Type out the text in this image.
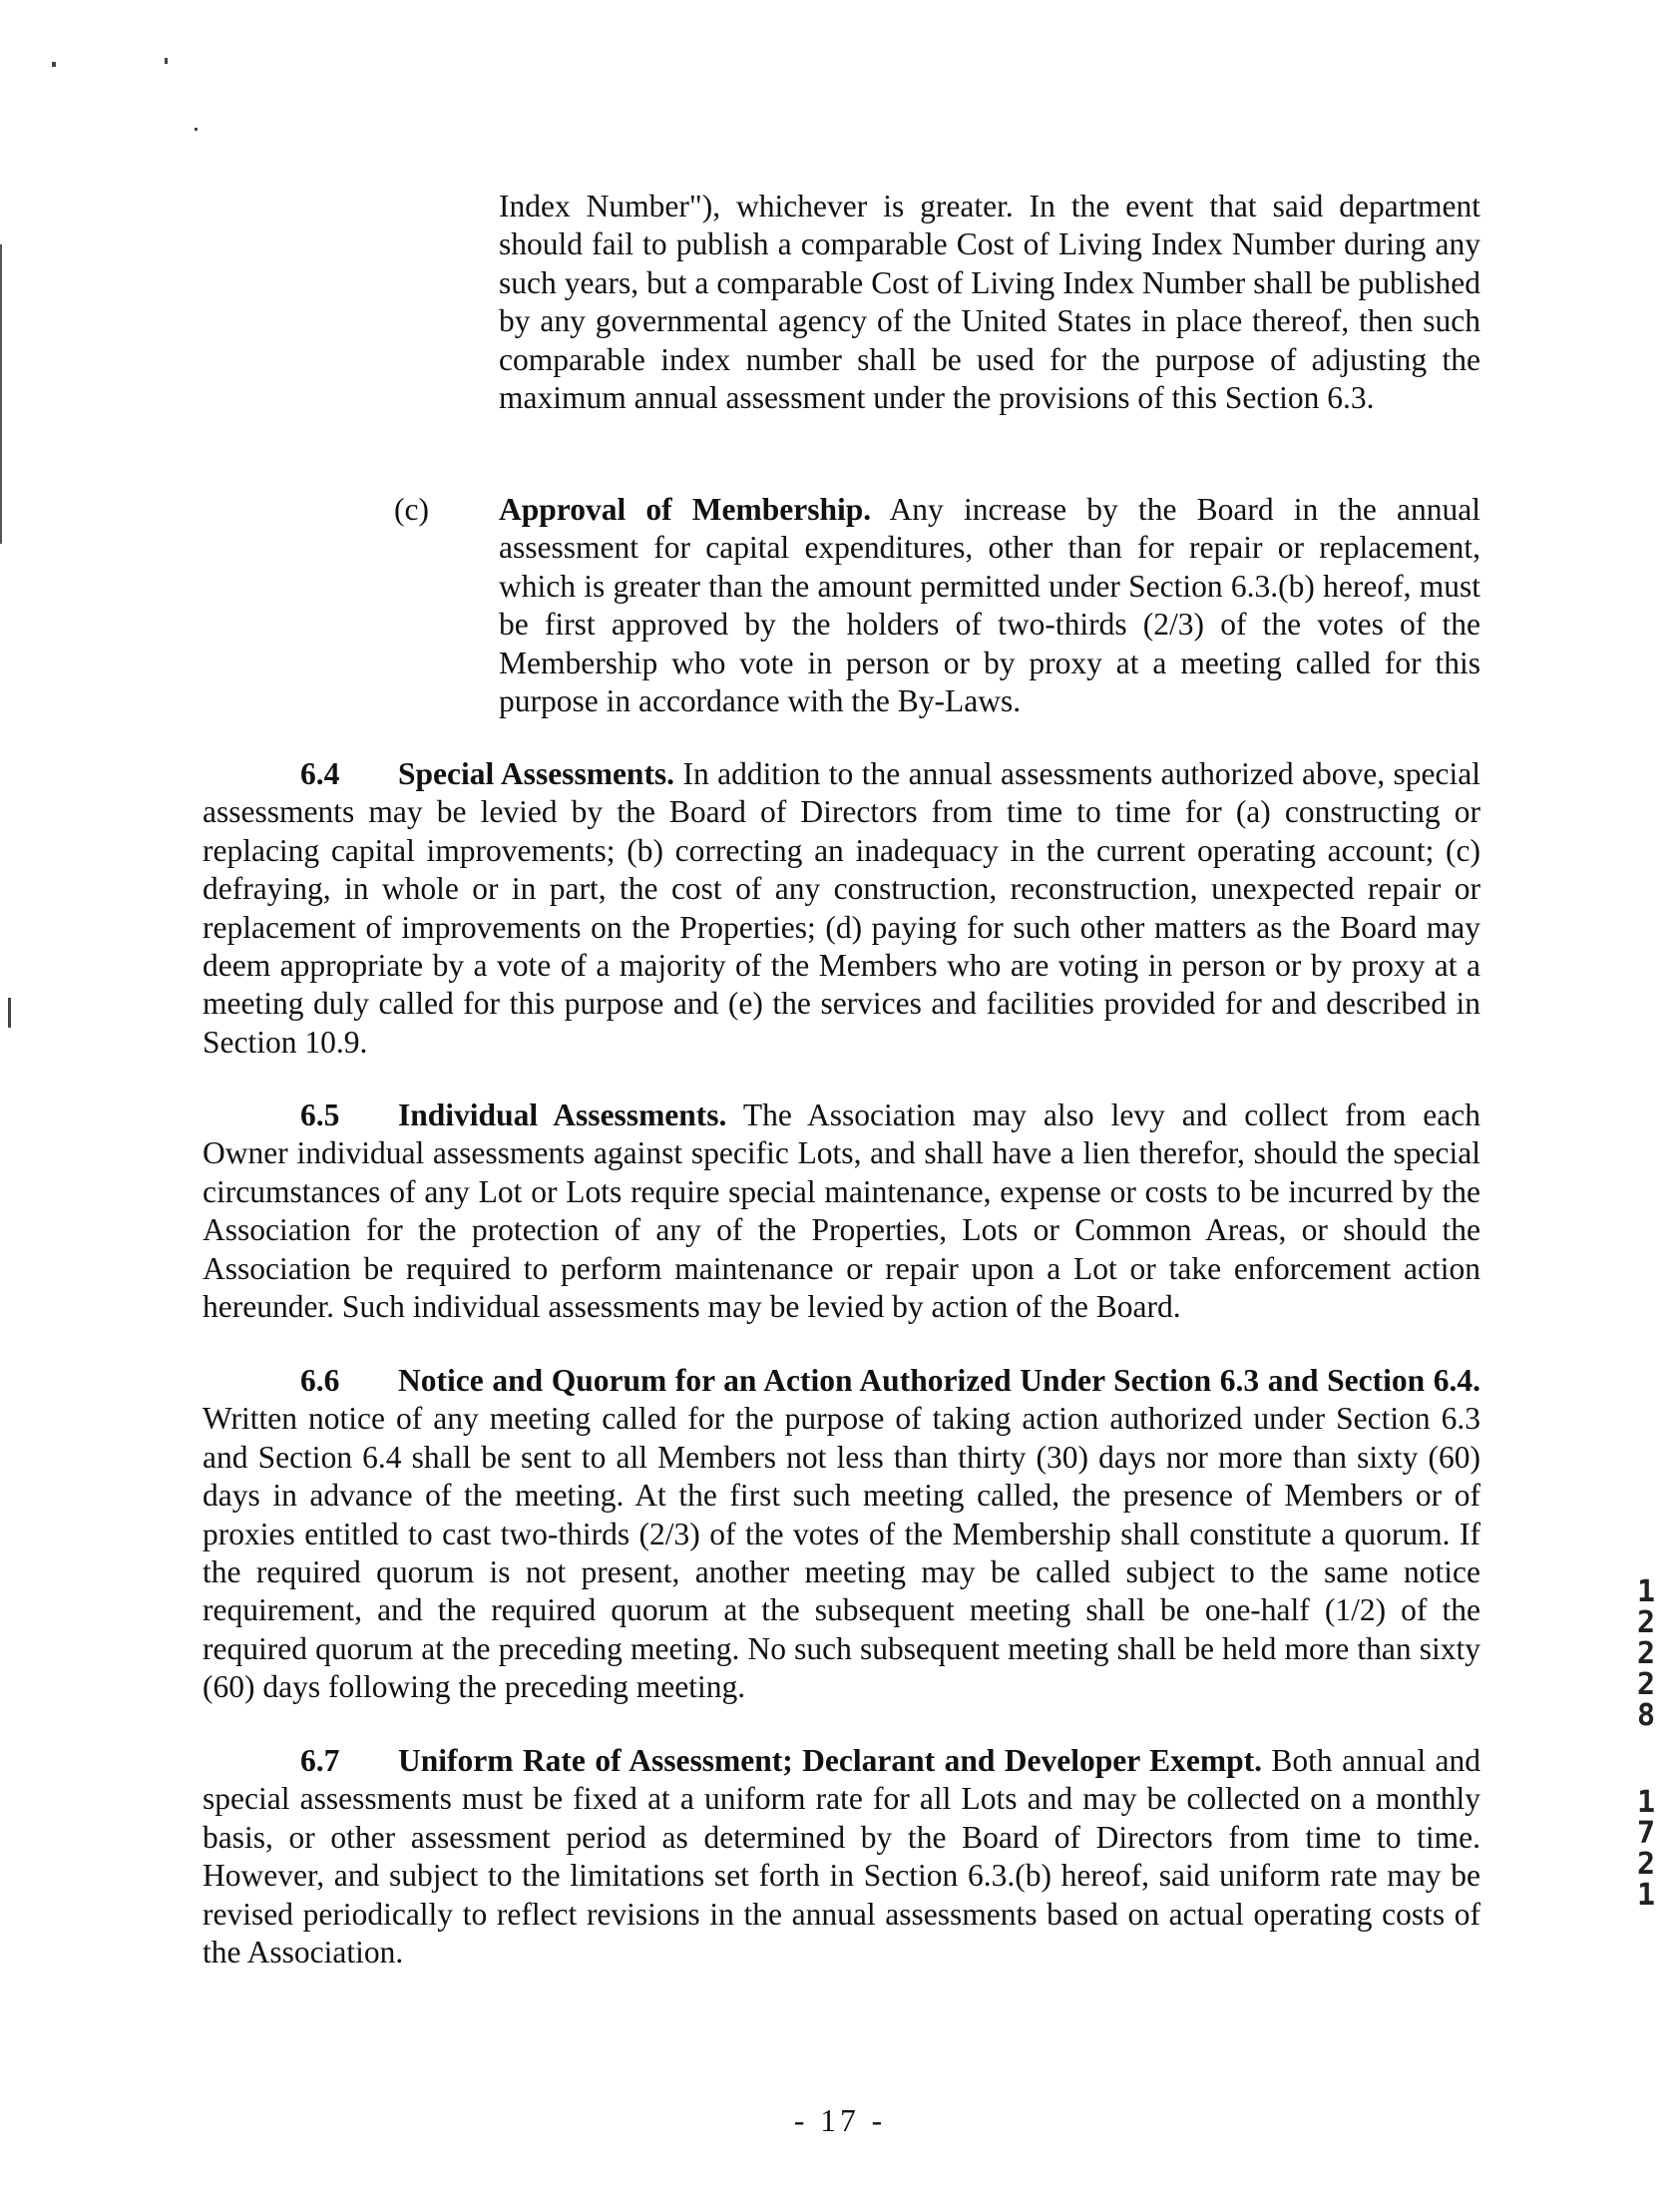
Index Number"), whichever is greater. In the event that said department should fail to publish a comparable Cost of Living Index Number during any such years, but a comparable Cost of Living Index Number shall be published by any governmental agency of the United States in place thereof, then such comparable index number shall be used for the purpose of adjusting the maximum annual assessment under the provisions of this Section 6.3.
(c) Approval of Membership. Any increase by the Board in the annual assessment for capital expenditures, other than for repair or replacement, which is greater than the amount permitted under Section 6.3.(b) hereof, must be first approved by the holders of two-thirds (2/3) of the votes of the Membership who vote in person or by proxy at a meeting called for this purpose in accordance with the By-Laws.
6.4 Special Assessments. In addition to the annual assessments authorized above, special assessments may be levied by the Board of Directors from time to time for (a) constructing or replacing capital improvements; (b) correcting an inadequacy in the current operating account; (c) defraying, in whole or in part, the cost of any construction, reconstruction, unexpected repair or replacement of improvements on the Properties; (d) paying for such other matters as the Board may deem appropriate by a vote of a majority of the Members who are voting in person or by proxy at a meeting duly called for this purpose and (e) the services and facilities provided for and described in Section 10.9.
6.5 Individual Assessments. The Association may also levy and collect from each Owner individual assessments against specific Lots, and shall have a lien therefor, should the special circumstances of any Lot or Lots require special maintenance, expense or costs to be incurred by the Association for the protection of any of the Properties, Lots or Common Areas, or should the Association be required to perform maintenance or repair upon a Lot or take enforcement action hereunder. Such individual assessments may be levied by action of the Board.
6.6 Notice and Quorum for an Action Authorized Under Section 6.3 and Section 6.4. Written notice of any meeting called for the purpose of taking action authorized under Section 6.3 and Section 6.4 shall be sent to all Members not less than thirty (30) days nor more than sixty (60) days in advance of the meeting. At the first such meeting called, the presence of Members or of proxies entitled to cast two-thirds (2/3) of the votes of the Membership shall constitute a quorum. If the required quorum is not present, another meeting may be called subject to the same notice requirement, and the required quorum at the subsequent meeting shall be one-half (1/2) of the required quorum at the preceding meeting. No such subsequent meeting shall be held more than sixty (60) days following the preceding meeting.
6.7 Uniform Rate of Assessment; Declarant and Developer Exempt. Both annual and special assessments must be fixed at a uniform rate for all Lots and may be collected on a monthly basis, or other assessment period as determined by the Board of Directors from time to time. However, and subject to the limitations set forth in Section 6.3.(b) hereof, said uniform rate may be revised periodically to reflect revisions in the annual assessments based on actual operating costs of the Association.
1
2
2
2
8
1
7
2
1
- 17 -
